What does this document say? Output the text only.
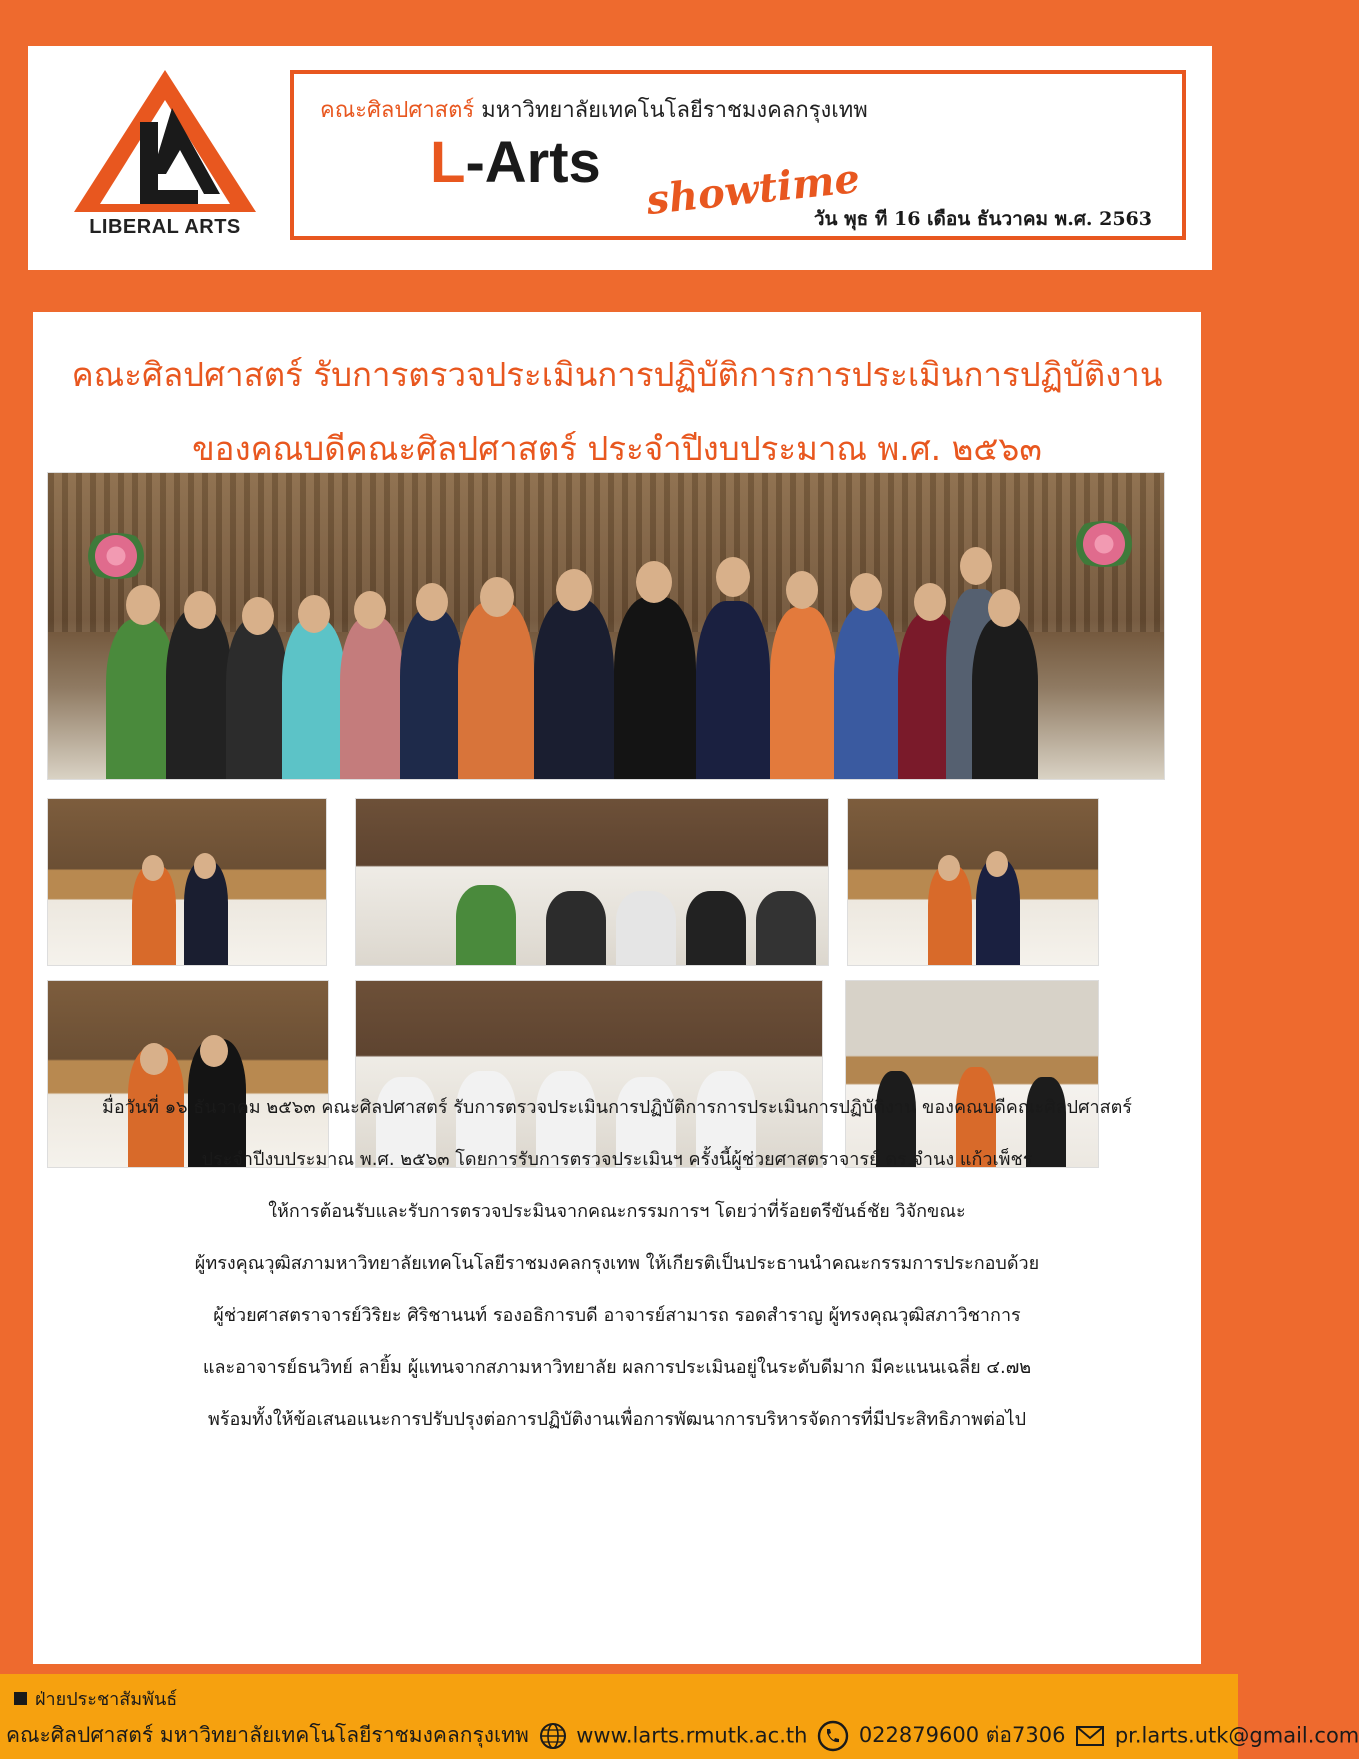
LIBERAL ARTS
คณะศิลปศาสตร์ มหาวิทยาลัยเทคโนโลยีราชมงคลกรุงเทพ
L-Arts showtime
วัน พุธ ที 16 เดือน ธันวาคม พ.ศ. 2563
คณะศิลปศาสตร์ รับการตรวจประเมินการปฏิบัติการการประเมินการปฏิบัติงาน
ของคณบดีคณะศิลปศาสตร์ ประจำปีงบประมาณ พ.ศ. ๒๕๖๓
มื่อวันที่ ๑๖ ธันวาคม ๒๕๖๓ คณะศิลปศาสตร์ รับการตรวจประเมินการปฏิบัติการการประเมินการปฏิบัติงาน ของคณบดีคณะศิลปศาสตร์
ประจำปีงบประมาณ พ.ศ. ๒๕๖๓ โดยการรับการตรวจประเมินฯ ครั้งนี้ผู้ช่วยศาสตราจารย์ ดร.จำนง แก้วเพ็ชร
ให้การต้อนรับและรับการตรวจประมินจากคณะกรรมการฯ โดยว่าที่ร้อยตรีขันธ์ชัย วิจักขณะ
ผู้ทรงคุณวุฒิสภามหาวิทยาลัยเทคโนโลยีราชมงคลกรุงเทพ ให้เกียรติเป็นประธานนำคณะกรรมการประกอบด้วย
ผู้ช่วยศาสตราจารย์วิริยะ ศิริชานนท์ รองอธิการบดี อาจารย์สามารถ รอดสำราญ ผู้ทรงคุณวุฒิสภาวิชาการ
และอาจารย์ธนวิทย์ ลายิ้ม ผู้แทนจากสภามหาวิทยาลัย ผลการประเมินอยู่ในระดับดีมาก มีคะแนนเฉลี่ย ๔.๗๒
พร้อมทั้งให้ข้อเสนอแนะการปรับปรุงต่อการปฏิบัติงานเพื่อการพัฒนาการบริหารจัดการที่มีประสิทธิภาพต่อไป
ฝ่ายประชาสัมพันธ์
คณะศิลปศาสตร์ มหาวิทยาลัยเทคโนโลยีราชมงคลกรุงเทพ www.larts.rmutk.ac.th 022879600 ต่อ7306 pr.larts.utk@gmail.com
